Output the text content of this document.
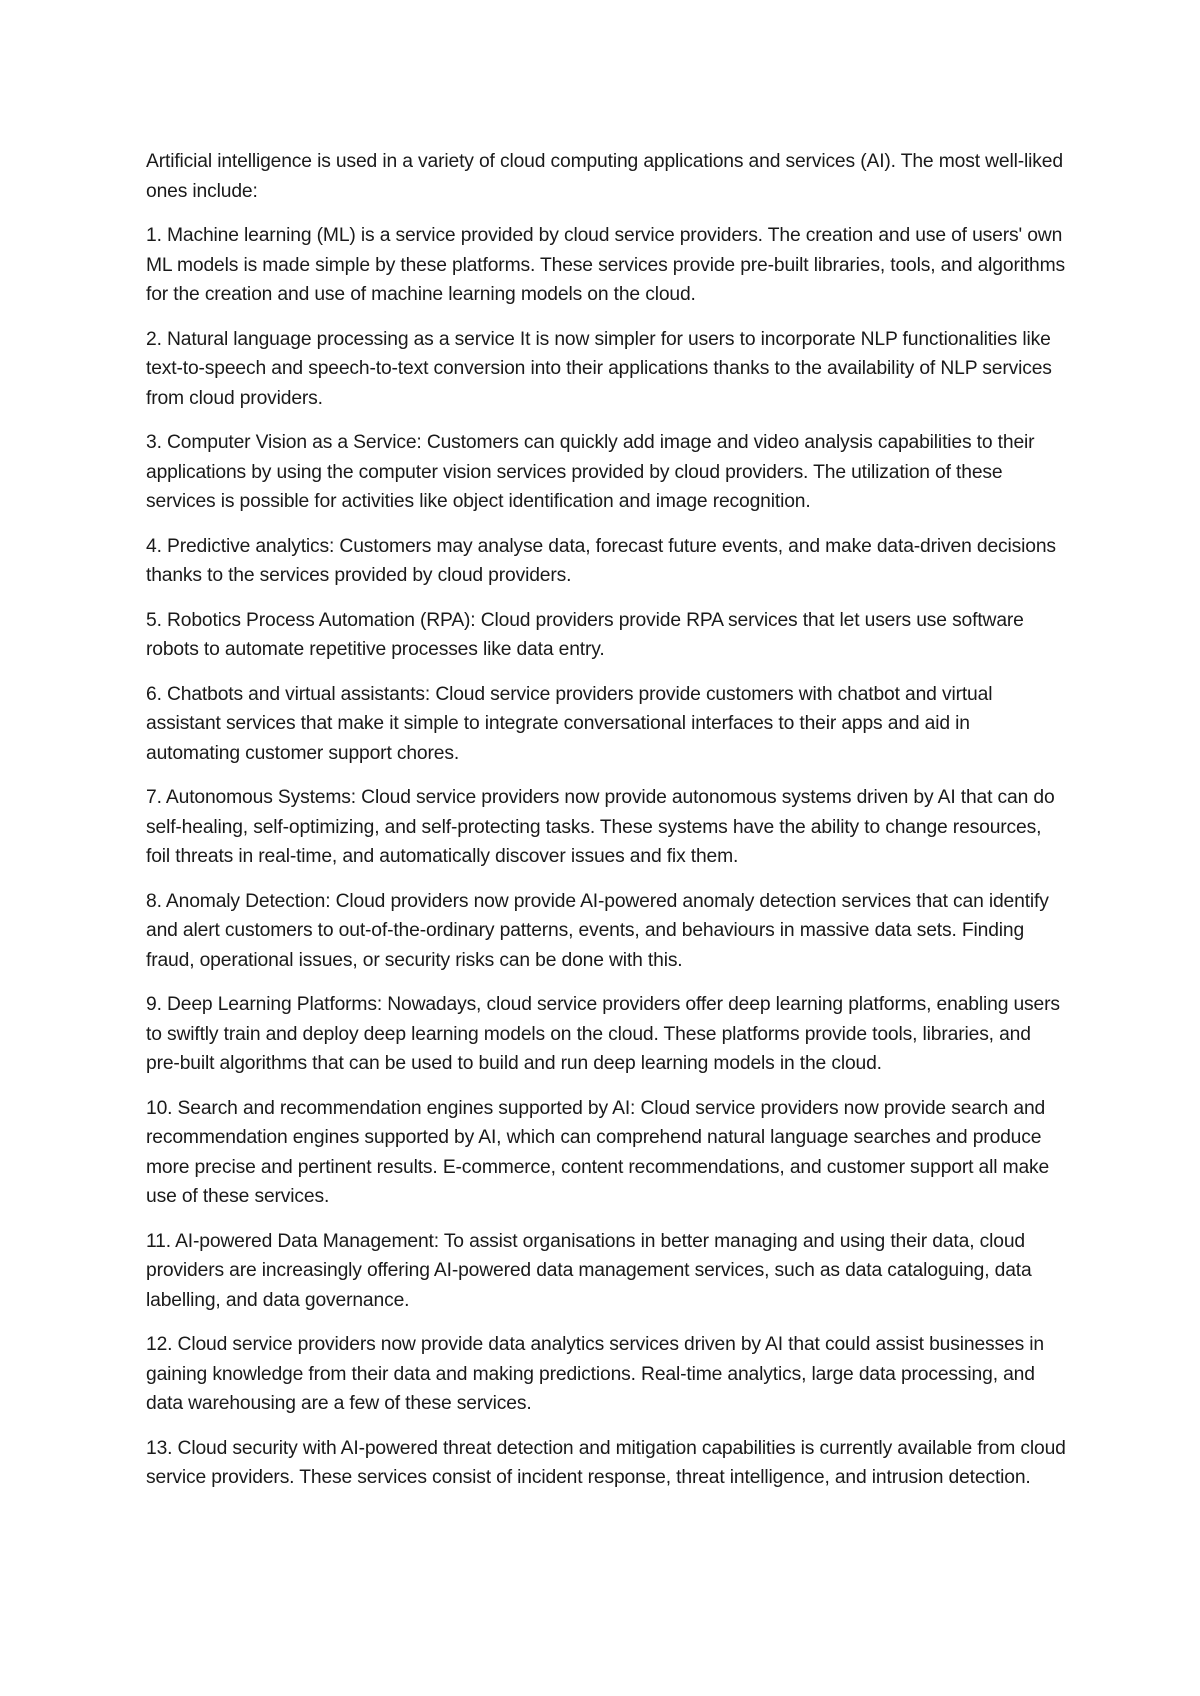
Artificial intelligence is used in a variety of cloud computing applications and services (AI). The most well-liked ones include:

1. Machine learning (ML) is a service provided by cloud service providers. The creation and use of users' own ML models is made simple by these platforms. These services provide pre-built libraries, tools, and algorithms for the creation and use of machine learning models on the cloud.

2. Natural language processing as a service It is now simpler for users to incorporate NLP functionalities like text-to-speech and speech-to-text conversion into their applications thanks to the availability of NLP services from cloud providers.

3. Computer Vision as a Service: Customers can quickly add image and video analysis capabilities to their applications by using the computer vision services provided by cloud providers. The utilization of these services is possible for activities like object identification and image recognition.

4. Predictive analytics: Customers may analyse data, forecast future events, and make data-driven decisions thanks to the services provided by cloud providers.

5. Robotics Process Automation (RPA): Cloud providers provide RPA services that let users use software robots to automate repetitive processes like data entry.

6. Chatbots and virtual assistants: Cloud service providers provide customers with chatbot and virtual assistant services that make it simple to integrate conversational interfaces to their apps and aid in automating customer support chores.

7. Autonomous Systems: Cloud service providers now provide autonomous systems driven by AI that can do self-healing, self-optimizing, and self-protecting tasks. These systems have the ability to change resources, foil threats in real-time, and automatically discover issues and fix them.

8. Anomaly Detection: Cloud providers now provide AI-powered anomaly detection services that can identify and alert customers to out-of-the-ordinary patterns, events, and behaviours in massive data sets. Finding fraud, operational issues, or security risks can be done with this.

9. Deep Learning Platforms: Nowadays, cloud service providers offer deep learning platforms, enabling users to swiftly train and deploy deep learning models on the cloud. These platforms provide tools, libraries, and pre-built algorithms that can be used to build and run deep learning models in the cloud.

10. Search and recommendation engines supported by AI: Cloud service providers now provide search and recommendation engines supported by AI, which can comprehend natural language searches and produce more precise and pertinent results. E-commerce, content recommendations, and customer support all make use of these services.

11. AI-powered Data Management: To assist organisations in better managing and using their data, cloud providers are increasingly offering AI-powered data management services, such as data cataloguing, data labelling, and data governance.

12. Cloud service providers now provide data analytics services driven by AI that could assist businesses in gaining knowledge from their data and making predictions. Real-time analytics, large data processing, and data warehousing are a few of these services.

13. Cloud security with AI-powered threat detection and mitigation capabilities is currently available from cloud service providers. These services consist of incident response, threat intelligence, and intrusion detection.
